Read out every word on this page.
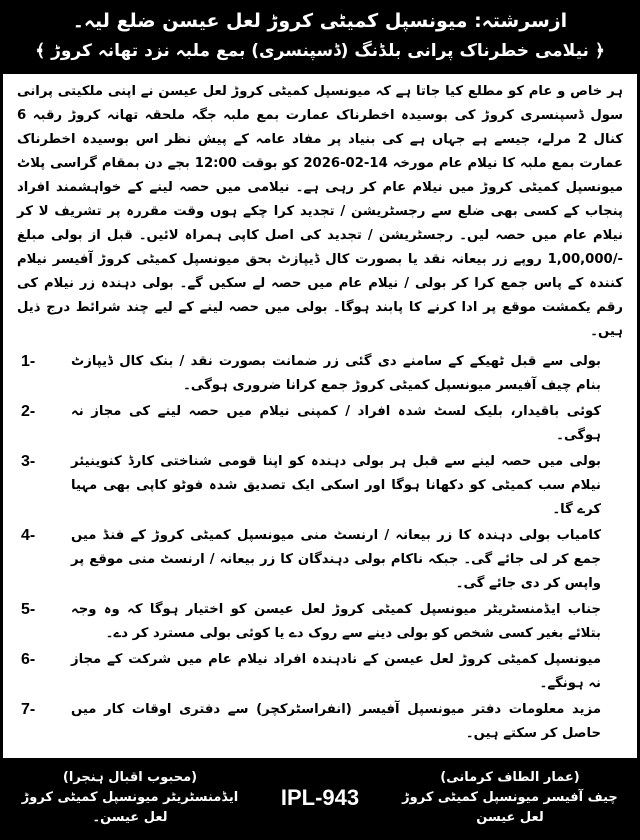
ازسرشتہ: میونسپل کمیٹی کروڑ لعل عیسن ضلع لیہ۔
﴿ نیلامی خطرناک پرانی بلڈنگ (ڈسپنسری) بمع ملبہ نزد تھانہ کروڑ ﴾
ہر خاص و عام کو مطلع کیا جاتا ہے کہ میونسپل کمیٹی کروڑ لعل عیسن نے اپنی ملکیتی پرانی سول ڈسپنسری کروڑ کی بوسیدہ اخطرناک عمارت بمع ملبہ جگہ ملحقہ تھانہ کروڑ رقبہ 6 کنال 2 مرلے، جیسے ہے جہاں ہے کی بنیاد پر مفاد عامہ کے پیش نظر اس بوسیدہ اخطرناک عمارت بمع ملبہ کا نیلام عام مورخہ 14-02-2026 کو بوقت 12:00 بجے دن بمقام گراسی پلاٹ میونسپل کمیٹی کروڑ میں نیلام عام کر رہی ہے۔ نیلامی میں حصہ لینے کے خواہشمند افراد پنجاب کے کسی بھی ضلع سے رجسٹریشن / تجدید کرا چکے ہوں وقت مقررہ پر تشریف لا کر نیلام عام میں حصہ لیں۔ رجسٹریشن / تجدید کی اصل کاپی ہمراہ لائیں۔ قبل از بولی مبلغ -/1,00,000 روپے زر بیعانہ نقد یا بصورت کال ڈیپازٹ بحق میونسپل کمیٹی کروڑ آفیسر نیلام کنندہ کے پاس جمع کرا کر بولی / نیلام عام میں حصہ لے سکیں گے۔ بولی دہندہ زر نیلام کی رقم یکمشت موقع پر ادا کرنے کا پابند ہوگا۔ بولی میں حصہ لینے کے لیے چند شرائط درج ذیل ہیں۔
1-	بولی سے قبل ٹھیکے کے سامنے دی گئی زر ضمانت بصورت نقد / بنک کال ڈیپازٹ بنام چیف آفیسر میونسپل کمیٹی کروڑ جمع کرانا ضروری ہوگی۔
2-	کوئی باقیدار، بلیک لسٹ شدہ افراد / کمپنی نیلام میں حصہ لینے کی مجاز نہ ہوگی۔
3-	بولی میں حصہ لینے سے قبل ہر بولی دہندہ کو اپنا قومی شناختی کارڈ کنوینیئر نیلام سب کمیٹی کو دکھانا ہوگا اور اسکی ایک تصدیق شدہ فوٹو کاپی بھی مہیا کرے گا۔
4-	کامیاب بولی دہندہ کا زر بیعانہ / ارنسٹ منی میونسپل کمیٹی کروڑ کے فنڈ میں جمع کر لی جائے گی۔ جبکہ ناکام بولی دہندگان کا زر بیعانہ / ارنسٹ منی موقع پر واپس کر دی جائے گی۔
5-	جناب ایڈمنسٹریٹر میونسپل کمیٹی کروڑ لعل عیسن کو اختیار ہوگا کہ وہ وجہ بتلائے بغیر کسی شخص کو بولی دینے سے روک دے یا کوئی بولی مسترد کر دے۔
6-	میونسپل کمیٹی کروڑ لعل عیسن کے نادہندہ افراد نیلام عام میں شرکت کے مجاز نہ ہونگے۔
7-	مزید معلومات دفتر میونسپل آفیسر (انفراسٹرکچر) سے دفتری اوقات کار میں حاصل کر سکتے ہیں۔
(محبوب اقبال ہنجرا)
ایڈمنسٹریٹر میونسپل کمیٹی کروڑ لعل عیسن۔
IPL-943
(عمار الطاف کرمانی)
چیف آفیسر میونسپل کمیٹی کروڑ لعل عیسن
